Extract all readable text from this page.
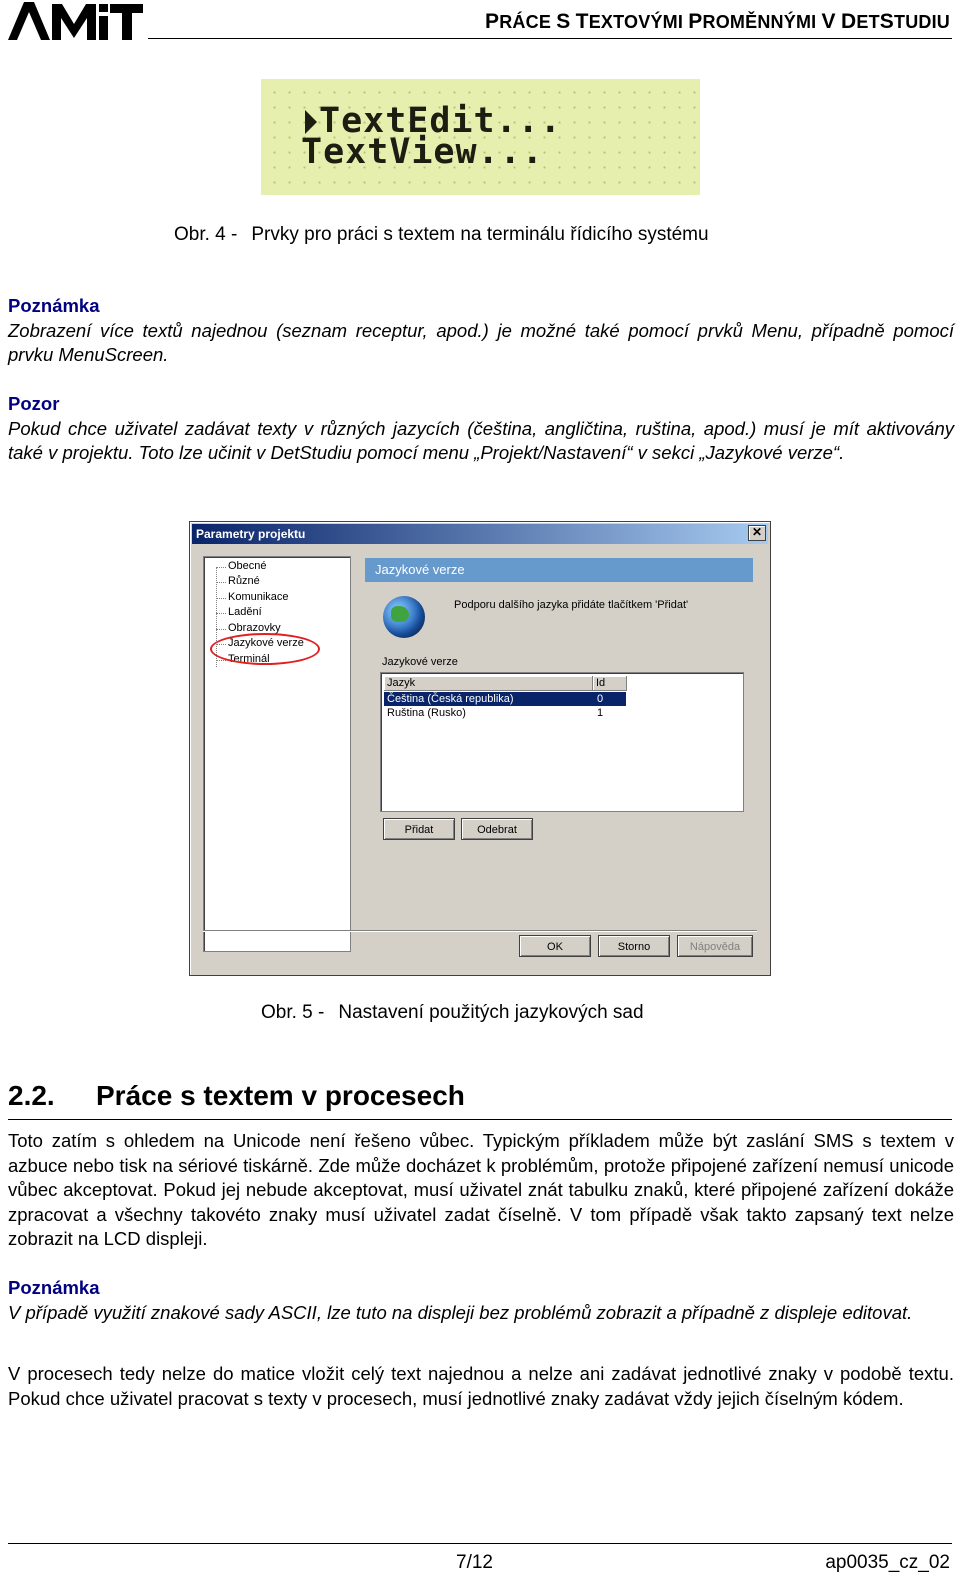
PRÁCE S TEXTOVÝMI PROMĚNNÝMI V DETSTUDIU
TextEdit...
TextView...
Obr. 4 - Prvky pro práci s textem na terminálu řídicího systému
Poznámka
Zobrazení více textů najednou (seznam receptur, apod.) je možné také pomocí prvků Menu, případně pomocí prvku MenuScreen.
Pozor
Pokud chce uživatel zadávat texty v různých jazycích (čeština, angličtina, ruština, apod.) musí je mít aktivovány také v projektu. Toto lze učinit v DetStudiu pomocí menu „Projekt/Nastavení“ v sekci „Jazykové verze“.
Parametry projektu	✕
Obecné
Různé
Komunikace
Ladění
Obrazovky
Jazykové verze
Terminál
Jazykové verze
Podporu dalšího jazyka přidáte tlačítkem 'Přidat'
Jazykové verze
Jazyk	Id
Čeština (Česká republika)	0
Ruština (Rusko)	1
Přidat	Odebrat
OK	Storno	Nápověda
Obr. 5 - Nastavení použitých jazykových sad
2.2. Práce s textem v procesech
Toto zatím s ohledem na Unicode není řešeno vůbec. Typickým příkladem může být zaslání SMS s textem v azbuce nebo tisk na sériové tiskárně. Zde může docházet k problémům, protože připojené zařízení nemusí unicode vůbec akceptovat. Pokud jej nebude akceptovat, musí uživatel znát tabulku znaků, které připojené zařízení dokáže zpracovat a všechny takovéto znaky musí uživatel zadat číselně. V tom případě však takto zapsaný text nelze zobrazit na LCD displeji.
Poznámka
V případě využití znakové sady ASCII, lze tuto na displeji bez problémů zobrazit a případně z displeje editovat.
V procesech tedy nelze do matice vložit celý text najednou a nelze ani zadávat jednotlivé znaky v podobě textu. Pokud chce uživatel pracovat s texty v procesech, musí jednotlivé znaky zadávat vždy jejich číselným kódem.
7/12	ap0035_cz_02
